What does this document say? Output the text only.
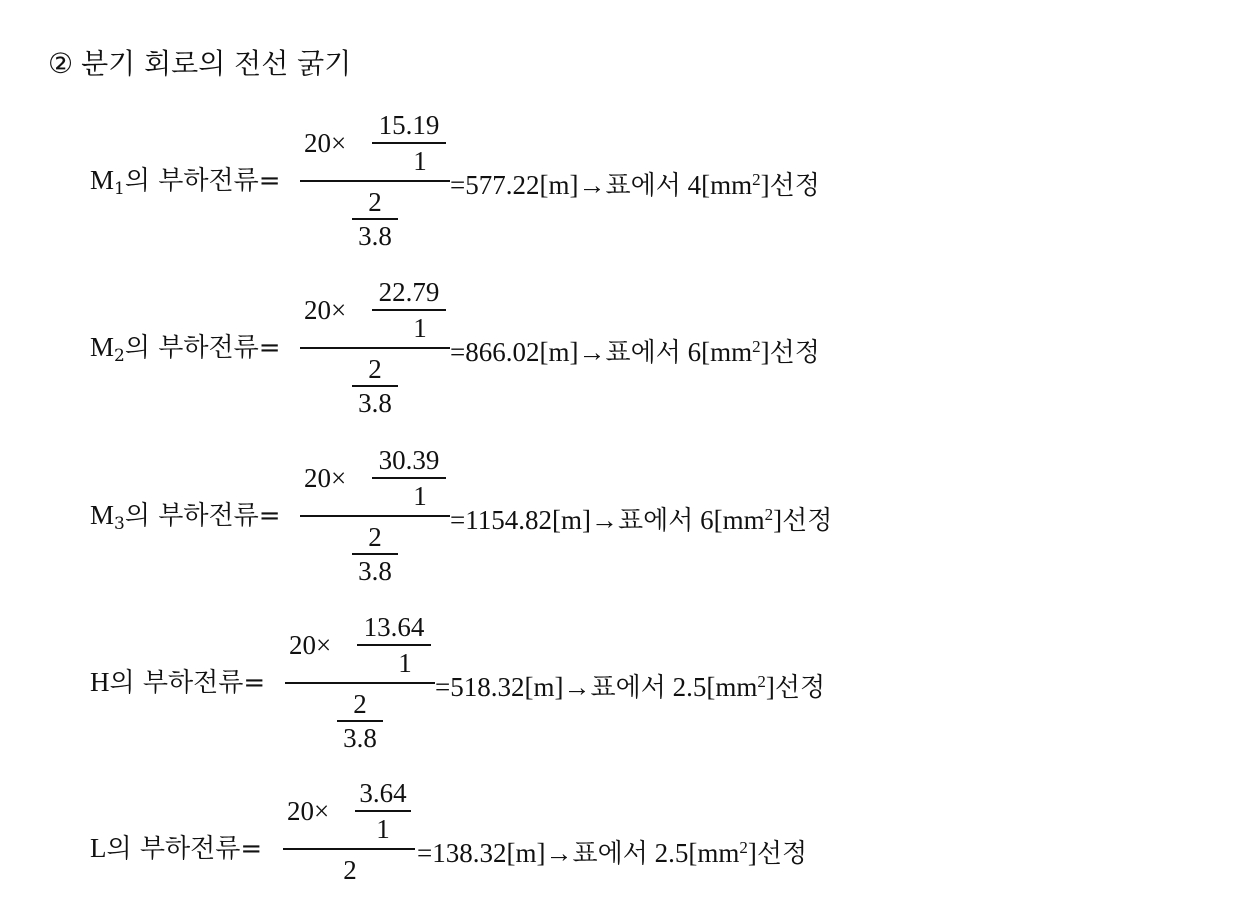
② 분기 회로의 전선 굵기
$M_1$의 부하전류=
20×
15.19
1
2
3.8
=577.22[m]→표에서 $4[mm^2]$선정
$M_2$의 부하전류=
20×
22.79
1
2
3.8
=866.02[m]→표에서 $6[mm^2]$선정
$M_3$의 부하전류=
20×
30.39
1
2
3.8
=1154.82[m]→표에서 $6[mm^2]$선정
H의 부하전류=
20×
13.64
1
2
3.8
=518.32[m]→표에서 $2.5[mm^2]$선정
L의 부하전류=
20×
3.64
1
2
=138.32[m]→표에서 $2.5[mm^2]$선정
